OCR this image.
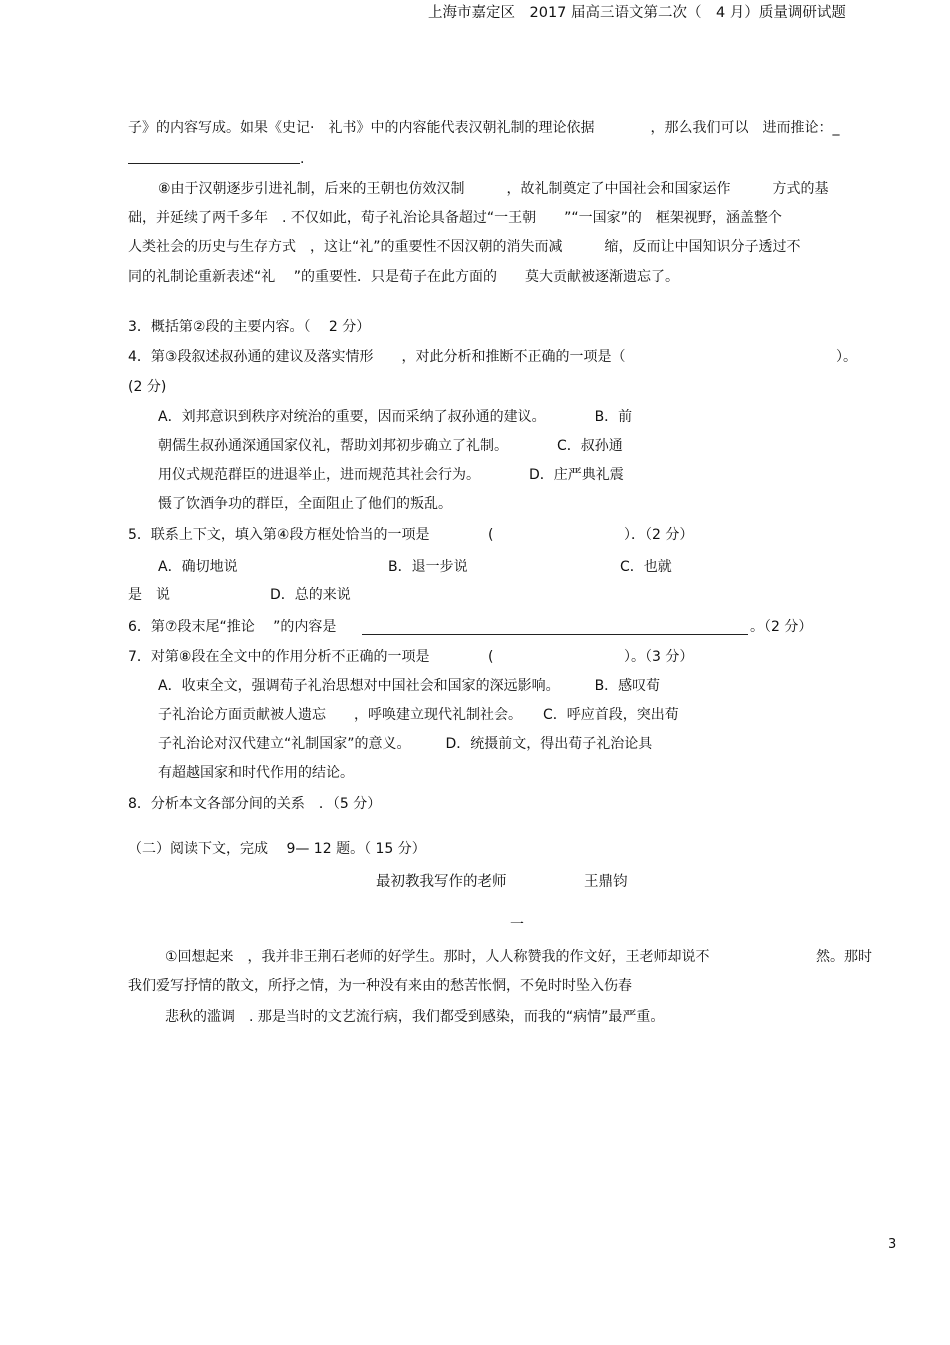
上海市嘉定区　2017 届高三语文第二次（　4 月）质量调研试题
子》的内容写成。如果《史记·　礼书》中的内容能代表汉朝礼制的理论依据　　　　，那么我们可以　进而推论：_
.
⑧由于汉朝逐步引进礼制，后来的王朝也仿效汉制　　　，故礼制奠定了中国社会和国家运作　　　方式的基
础，并延续了两千多年　. 不仅如此，荀子礼治论具备超过“一王朝　　”“一国家”的　框架视野，涵盖整个
人类社会的历史与生存方式　，这让“礼”的重要性不因汉朝的消失而减　　　缩，反而让中国知识分子透过不
同的礼制论重新表述“礼　 ”的重要性．只是荀子在此方面的　　莫大贡献被逐渐遗忘了。
3．概括第②段的主要内容。（　 2 分）
4．第③段叙述叔孙通的建议及落实情形　　，对此分析和推断不正确的一项是（	）。
(2 分)
A．刘邦意识到秩序对统治的重要，因而采纳了叔孙通的建议。　　　　B．前
朝儒生叔孙通深通国家仪礼，帮助刘邦初步确立了礼制。　　　　C．叔孙通
用仪式规范群臣的进退举止，进而规范其社会行为。　　　　D．庄严典礼震
慑了饮酒争功的群臣，全面阻止了他们的叛乱。
5．联系上下文，填入第④段方框处恰当的一项是	(	）．（2 分）
A．确切地说	B．退一步说	C．也就
是　说	D．总的来说
6．第⑦段末尾“推论　 ”的内容是	。（2 分）
7．对第⑧段在全文中的作用分析不正确的一项是	(	）。（3 分）
A．收束全文，强调荀子礼治思想对中国社会和国家的深远影响。　　　B．感叹荀
子礼治论方面贡献被人遗忘　　，呼唤建立现代礼制社会。　　C．呼应首段，突出荀
子礼治论对汉代建立“礼制国家”的意义。　　　D．统摄前文，得出荀子礼治论具
有超越国家和时代作用的结论。
8．分析本文各部分间的关系　．（5 分）
（二）阅读下文，完成　 9— 12 题。（ 15 分）
最初教我写作的老师	王鼎钧
一
①回想起来　，我并非王荆石老师的好学生。那时，人人称赞我的作文好，王老师却说不	然。那时
我们爱写抒情的散文，所抒之情，为一种没有来由的愁苦怅惘，不免时时坠入伤春
悲秋的滥调　. 那是当时的文艺流行病，我们都受到感染，而我的“病情”最严重。
3
